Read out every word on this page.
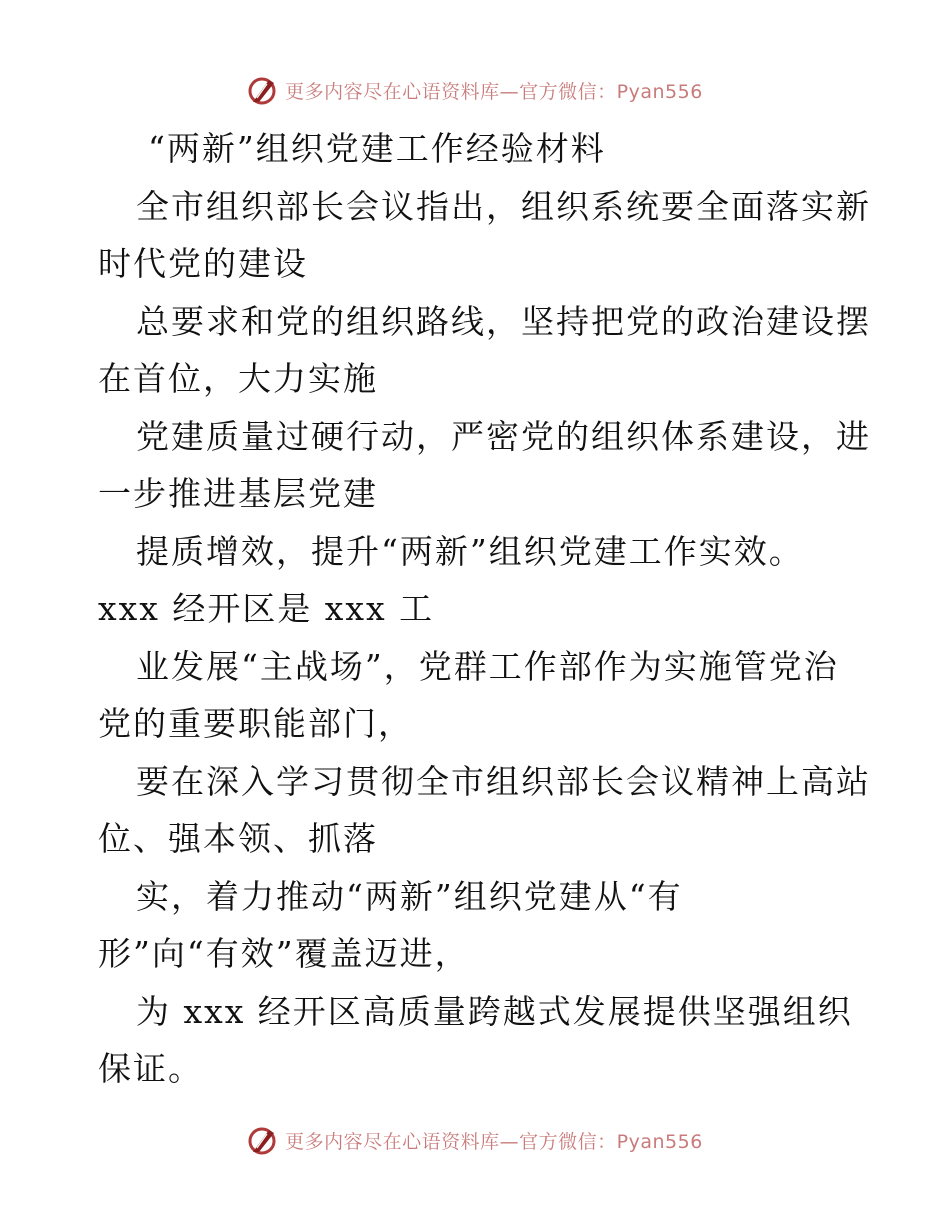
更多内容尽在心语资料库—官方微信：Pyan556
“两新”组织党建工作经验材料
全市组织部长会议指出，组织系统要全面落实新
时代党的建设
总要求和党的组织路线，坚持把党的政治建设摆
在首位，大力实施
党建质量过硬行动，严密党的组织体系建设，进
一步推进基层党建
提质增效，提升“两新”组织党建工作实效。
xxx 经开区是 xxx 工
业发展“主战场”，党群工作部作为实施管党治
党的重要职能部门，
要在深入学习贯彻全市组织部长会议精神上高站
位、强本领、抓落
实，着力推动“两新”组织党建从“有
形”向“有效”覆盖迈进，
为 xxx 经开区高质量跨越式发展提供坚强组织
保证。
更多内容尽在心语资料库—官方微信：Pyan556
